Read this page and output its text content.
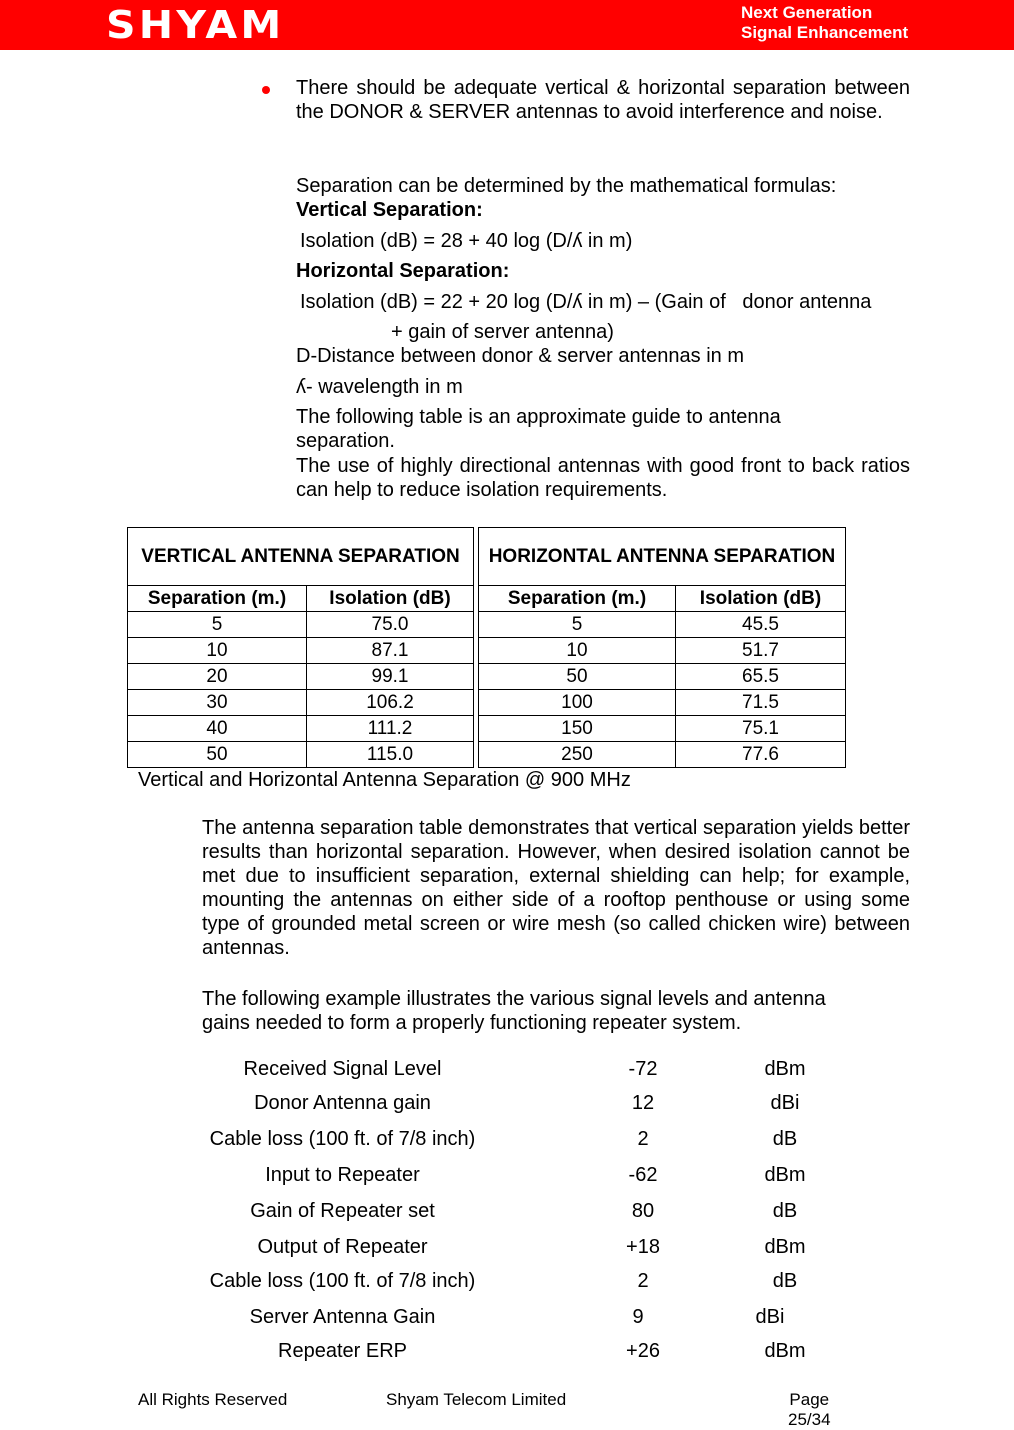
SHYAM	Next Generation
Signal Enhancement
There should be adequate vertical & horizontal separation between the DONOR & SERVER antennas to avoid interference and noise.
Separation can be determined by the mathematical formulas:
Vertical Separation:
Isolation (dB) = 28 + 40 log (D/ʎ in m)
Horizontal Separation:
Isolation (dB) = 22 + 20 log (D/ʎ in m) – (Gain of   donor antenna
+ gain of server antenna)
D-Distance between donor & server antennas in m
ʎ- wavelength in m
The following table is an approximate guide to antenna
separation.
The use of highly directional antennas with good front to back ratios can help to reduce isolation requirements.
VERTICAL ANTENNA SEPARATION	
Separation (m.)	Isolation (dB)
5	75.0
10	87.1
20	99.1
30	106.2
40	111.2
50	115.0
HORIZONTAL ANTENNA SEPARATION	
Separation (m.)	Isolation (dB)
5	45.5
10	51.7
50	65.5
100	71.5
150	75.1
250	77.6
Vertical and Horizontal Antenna Separation @ 900 MHz
The antenna separation table demonstrates that vertical separation yields better results than horizontal separation. However, when desired isolation cannot be met due to insufficient separation, external shielding can help; for example, mounting the antennas on either side of a rooftop penthouse or using some type of grounded metal screen or wire mesh (so called chicken wire) between antennas.
The following example illustrates the various signal levels and antenna
gains needed to form a properly functioning repeater system.
Received Signal Level	-72	dBm
Donor Antenna gain	12	dBi
Cable loss (100 ft. of 7/8 inch)	2	dB
Input to Repeater	-62	dBm
Gain of Repeater set	80	dB
Output of Repeater	+18	dBm
Cable loss (100 ft. of 7/8 inch)	2	dB
Server Antenna Gain	9	dBi
Repeater ERP	+26	dBm
All Rights Reserved	Shyam Telecom Limited	Page
25/34
